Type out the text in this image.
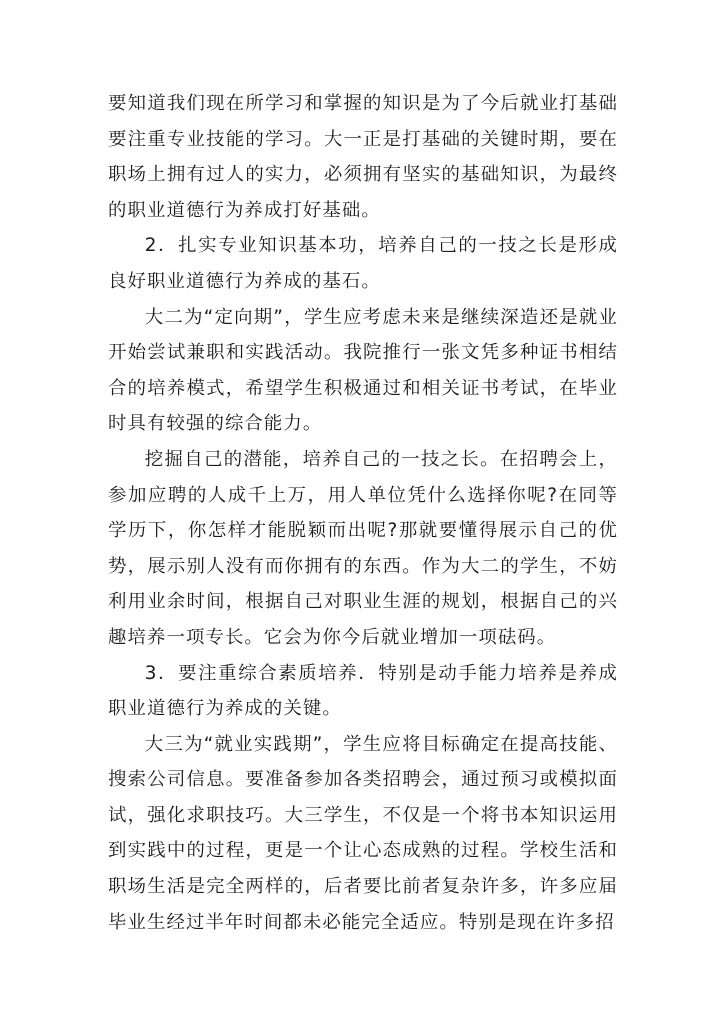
要知道我们现在所学习和掌握的知识是为了今后就业打基础要注重专业技能的学习。大一正是打基础的关键时期，要在职场上拥有过人的实力，必须拥有坚实的基础知识，为最终的职业道德行为养成打好基础。

2．扎实专业知识基本功，培养自己的一技之长是形成良好职业道德行为养成的基石。

大二为“定向期”，学生应考虑未来是继续深造还是就业开始尝试兼职和实践活动。我院推行一张文凭多种证书相结合的培养模式，希望学生积极通过和相关证书考试，在毕业时具有较强的综合能力。

挖掘自己的潜能，培养自己的一技之长。在招聘会上，参加应聘的人成千上万，用人单位凭什么选择你呢?在同等学历下，你怎样才能脱颖而出呢?那就要懂得展示自己的优势，展示别人没有而你拥有的东西。作为大二的学生，不妨利用业余时间，根据自己对职业生涯的规划，根据自己的兴趣培养一项专长。它会为你今后就业增加一项砝码。

3．要注重综合素质培养．特别是动手能力培养是养成职业道德行为养成的关键。

大三为“就业实践期”，学生应将目标确定在提高技能、搜索公司信息。要准备参加各类招聘会，通过预习或模拟面试，强化求职技巧。大三学生，不仅是一个将书本知识运用到实践中的过程，更是一个让心态成熟的过程。学校生活和职场生活是完全两样的，后者要比前者复杂许多，许多应届毕业生经过半年时间都未必能完全适应。特别是现在许多招
